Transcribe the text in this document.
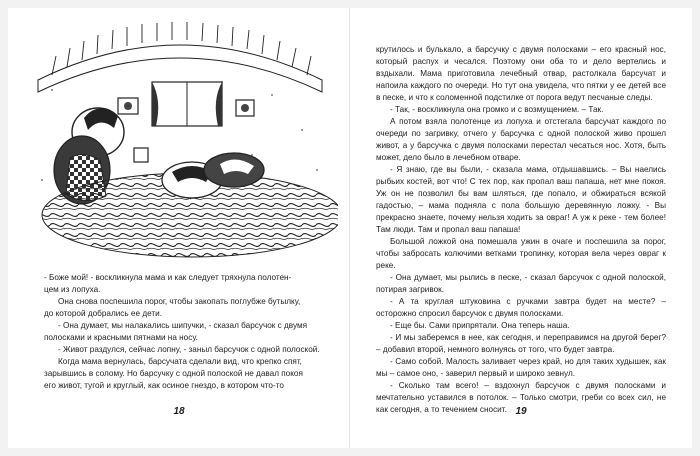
- Боже мой! - воскликнула мама и как следует тряхнула полотен-

цем из лопуха.

Она снова поспешила порог, чтобы закопать поглубже бутылку,

до которой добрались ее дети.

- Она думает, мы налакались шипучки, - сказал барсучок с двумя

полосками и красными пятнами на носу.

- Живот раздулся, сейчас лопну, - заныл барсучок с одной полоской.

Когда мама вернулась, барсучата сделали вид, что крепко спят,

зарывшись в солому. Но барсучку с одной полоской не давал покоя

его живот, тугой и круглый, как осиное гнездо, в котором что-то

18

крутилось и булькало, а барсучку с двумя полосками – его красный нос, который распух и чесался. Поэтому они оба то и дело вертелись и вздыхали. Мама приготовила лечебный отвар, растолкала барсучат и напоила каждого по очереди. Но тут она увидела, что пятки у ее детей все в песке, и что к соломенной подстилке от порога ведут песчаные следы.

- Так, - воскликнула она громко и с возмущением. – Так.

А потом взяла полотенце из лопуха и отстегала барсучат каждого по очереди по загривку, отчего у барсучка с одной полоской живо прошел живот, а у барсучка с двумя полосками перестал чесаться нос. Хотя, быть может, дело было в лечебном отваре.

- Я знаю, где вы были, - сказала мама, отдышавшись. – Вы наелись рыбьих костей, вот что! С тех пор, как пропал ваш папаша, нет мне покоя. Уж он не позволил бы вам шляться, где попало, и обжираться всякой гадостью, – мама подняла с пола большую деревянную ложку. - Вы прекрасно знаете, почему нельзя ходить за овраг! А уж к реке - тем более! Там люди. Там и пропал ваш папаша!

Большой ложкой она помешала ужин в очаге и поспешила за порог, чтобы забросать колючими ветками тропинку, которая вела через овраг к реке.

- Она думает, мы рылись в песке, - сказал барсучок с одной полоской, потирая загривок.

- А та круглая штуковина с ручками завтра будет на месте? – осторожно спросил барсучок с двумя полосками.

- Еще бы. Сами припрятали. Она теперь наша.

- И мы заберемся в нее, как сегодня, и переправимся на другой берег? – добавил второй, немного волнуясь от того, что будет завтра.

- Само собой. Малость заливает через край, но для таких худышек, как мы – самое оно, - заверил первый и широко зевнул.

- Сколько там всего! – вздохнул барсучок с двумя полосками и мечтательно уставился в потолок. – Только смотри, греби со всех сил, не как сегодня, а то течением сносит. 19
